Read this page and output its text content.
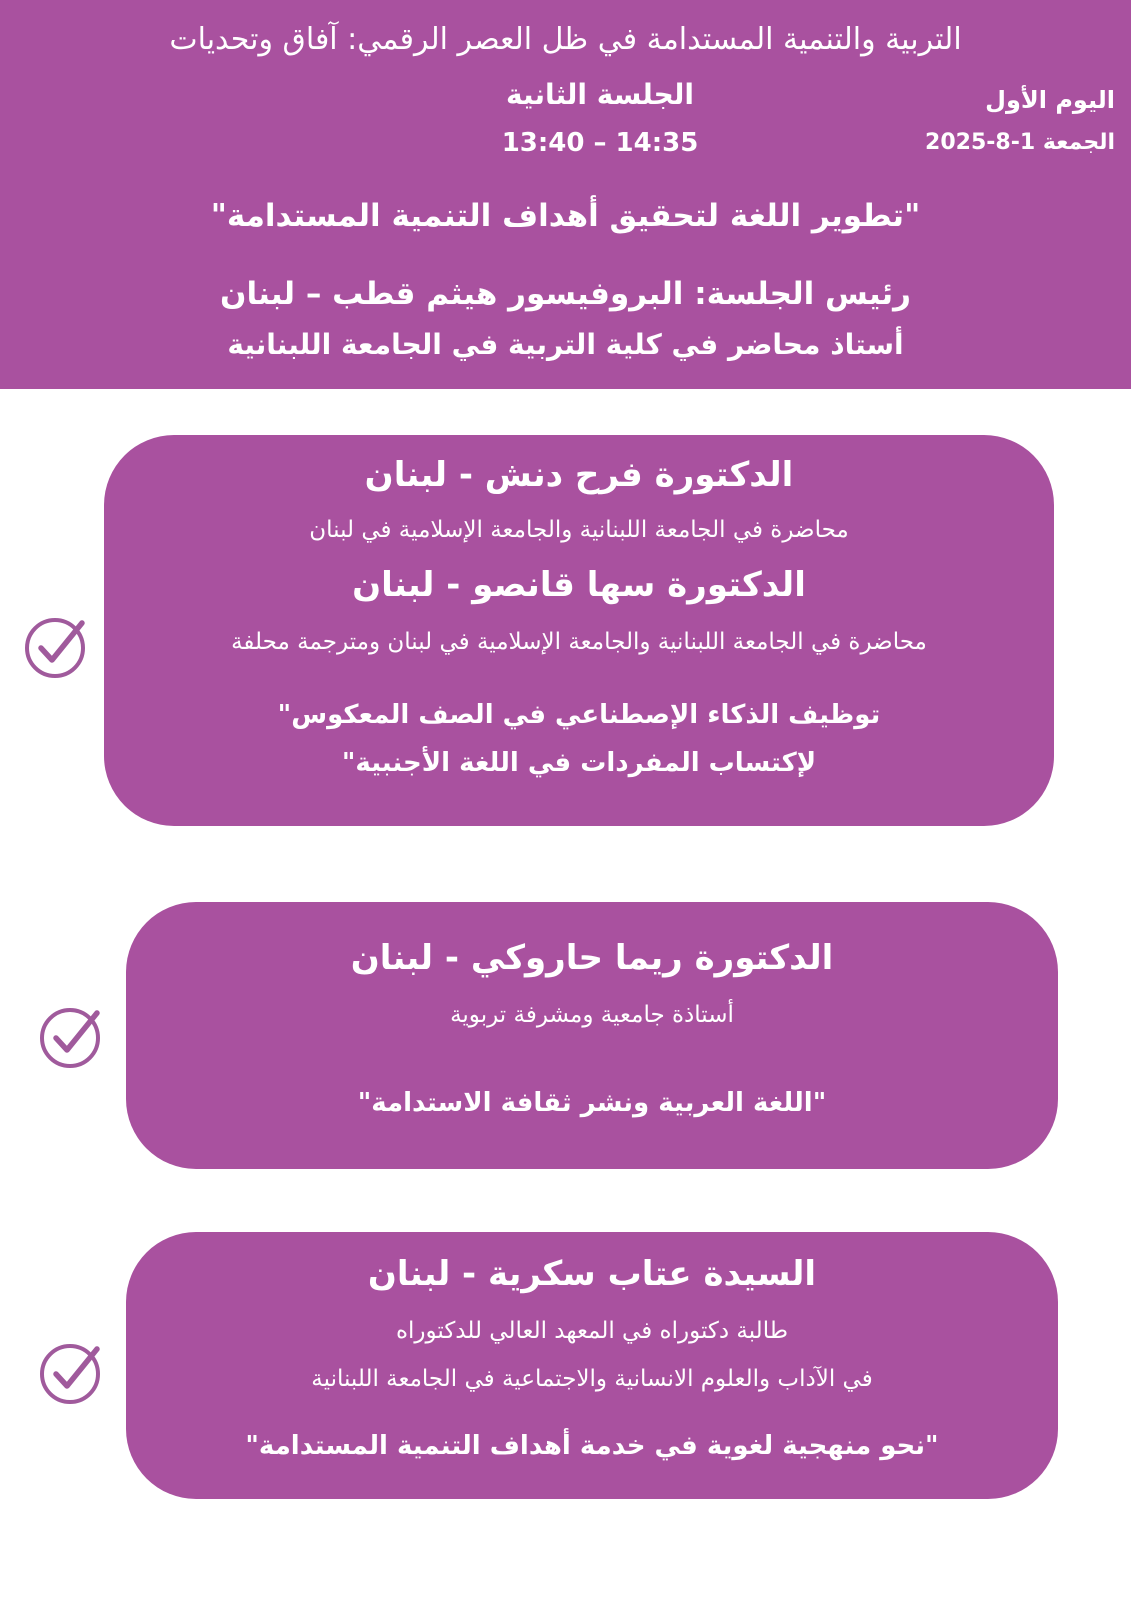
التربية والتنمية المستدامة في ظل العصر الرقمي: آفاق وتحديات

الجلسة الثانية

13:40 – 14:35

اليوم الأول

الجمعة 1-8-2025

"تطوير اللغة لتحقيق أهداف التنمية المستدامة"

رئيس الجلسة: البروفيسور هيثم قطب – لبنان

أستاذ محاضر في كلية التربية في الجامعة اللبنانية

الدكتورة فرح دنش - لبنان

محاضرة في الجامعة اللبنانية والجامعة الإسلامية في لبنان

الدكتورة سها قانصو - لبنان

محاضرة في الجامعة اللبنانية والجامعة الإسلامية في لبنان ومترجمة محلفة

توظيف الذكاء الإصطناعي في الصف المعكوس"

لإكتساب المفردات في اللغة الأجنبية"

الدكتورة ريما حاروكي - لبنان

أستاذة جامعية ومشرفة تربوية

"اللغة العربية ونشر ثقافة الاستدامة"

السيدة عتاب سكرية - لبنان

طالبة دكتوراه في المعهد العالي للدكتوراه

في الآداب والعلوم الانسانية والاجتماعية في الجامعة اللبنانية

"نحو منهجية لغوية في خدمة أهداف التنمية المستدامة"
